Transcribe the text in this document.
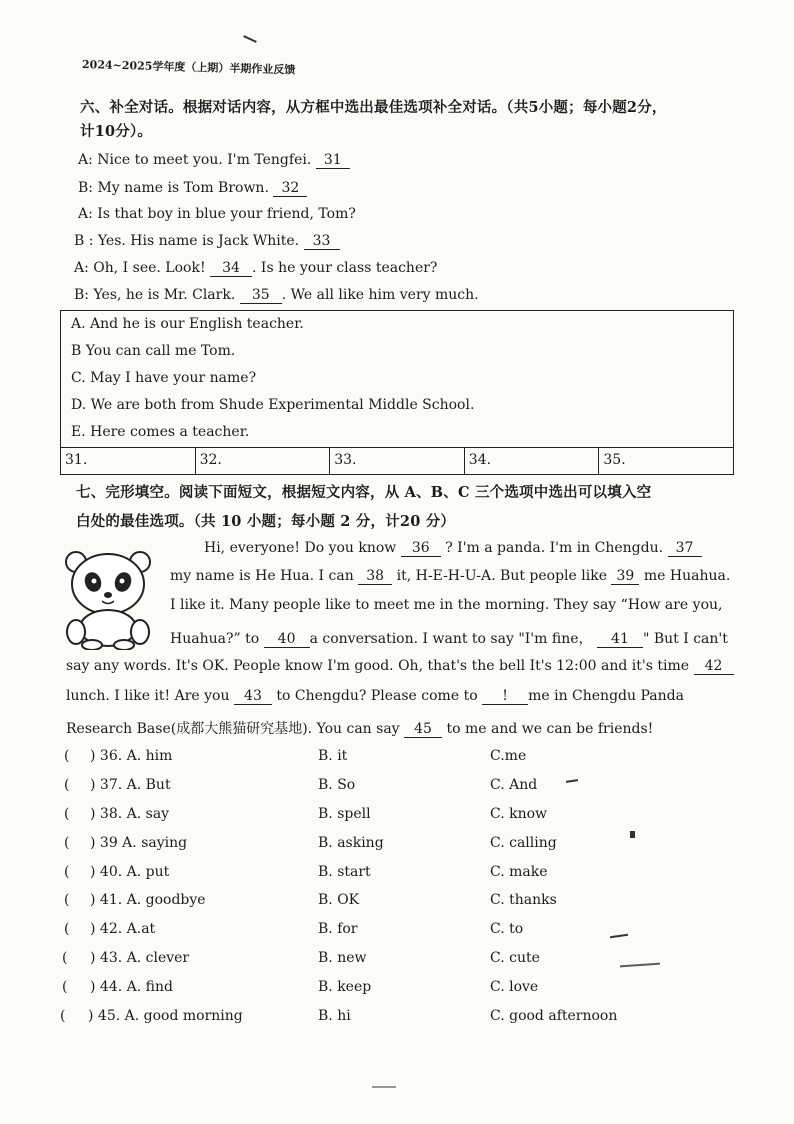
2024~2025学年度（上期）半期作业反馈
六、补全对话。根据对话内容，从方框中选出最佳选项补全对话。（共5小题；每小题2分，
计10分）。
A: Nice to meet you. I'm Tengfei. 31
B: My name is Tom Brown. 32
A: Is that boy in blue your friend, Tom?
B : Yes. His name is Jack White. 33
A: Oh, I see. Look! 34 . Is he your class teacher?
B: Yes, he is Mr. Clark. 35 . We all like him very much.
A. And he is our English teacher.
B You can call me Tom.
C. May I have your name?
D. We are both from Shude Experimental Middle School.
E. Here comes a teacher.
31.	32.	33.	34.	35.
七、完形填空。阅读下面短文，根据短文内容，从 A、B、C 三个选项中选出可以填入空
白处的最佳选项。（共 10 小题；每小题 2 分，计20 分）
Hi, everyone! Do you know 36 ? I'm a panda. I'm in Chengdu. 37
my name is He Hua. I can 38 it, H-E-H-U-A. But people like 39 me Huahua.
I like it. Many people like to meet me in the morning. They say “How are you,
Huahua?” to 40 a conversation. I want to say "I'm fine， 41 " But I can't
say any words. It's OK. People know I'm good. Oh, that's the bell It's 12:00 and it's time 42
lunch. I like it! Are you 43 to Chengdu? Please come to ! me in Chengdu Panda
Research Base(成都大熊猫研究基地). You can say 45 to me and we can be friends!
( ) 36. A. him	B. it	C.me
( ) 37. A. But	B. So	C. And
( ) 38. A. say	B. spell	C. know
( ) 39 A. saying	B. asking	C. calling
( ) 40. A. put	B. start	C. make
( ) 41. A. goodbye	B. OK	C. thanks
( ) 42. A.at	B. for	C. to
( ) 43. A. clever	B. new	C. cute
( ) 44. A. find	B. keep	C. love
( ) 45. A. good morning	B. hi	C. good afternoon
